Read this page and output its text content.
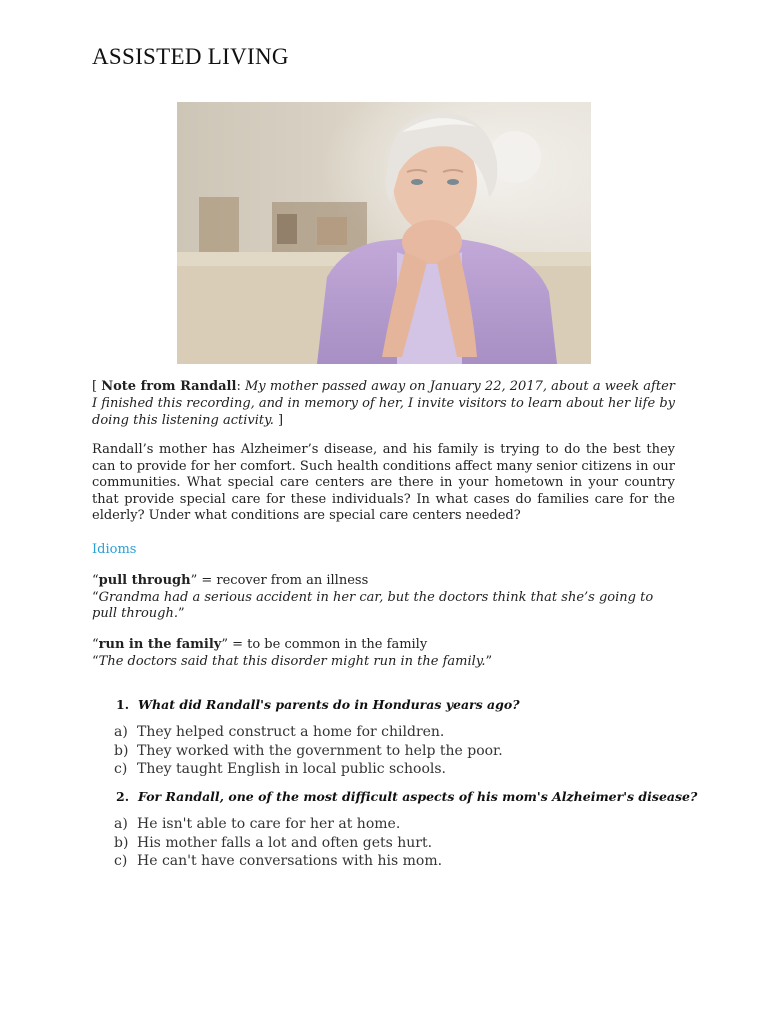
ASSISTED LIVING

[ Note from Randall: My mother passed away on January 22, 2017, about a week after I finished this recording, and in memory of her, I invite visitors to learn about her life by doing this listening activity. ]

Randall’s mother has Alzheimer’s disease, and his family is trying to do the best they can to provide for her comfort. Such health conditions affect many senior citizens in our communities. What special care centers are there in your hometown in your country that provide special care for these individuals? In what cases do families care for the elderly? Under what conditions are special care centers needed?

Idioms

“pull through” = recover from an illness

“Grandma had a serious accident in her car, but the doctors think that she’s going to pull through.”

“run in the family” = to be common in the family

“The doctors said that this disorder might run in the family.”

1. What did Randall's parents do in Honduras years ago?

a) They helped construct a home for children.
b) They worked with the government to help the poor.
c) They taught English in local public schools.

2. For Randall, one of the most difficult aspects of his mom's Alzheimer's disease?

a) He isn't able to care for her at home.
b) His mother falls a lot and often gets hurt.
c) He can't have conversations with his mom.
